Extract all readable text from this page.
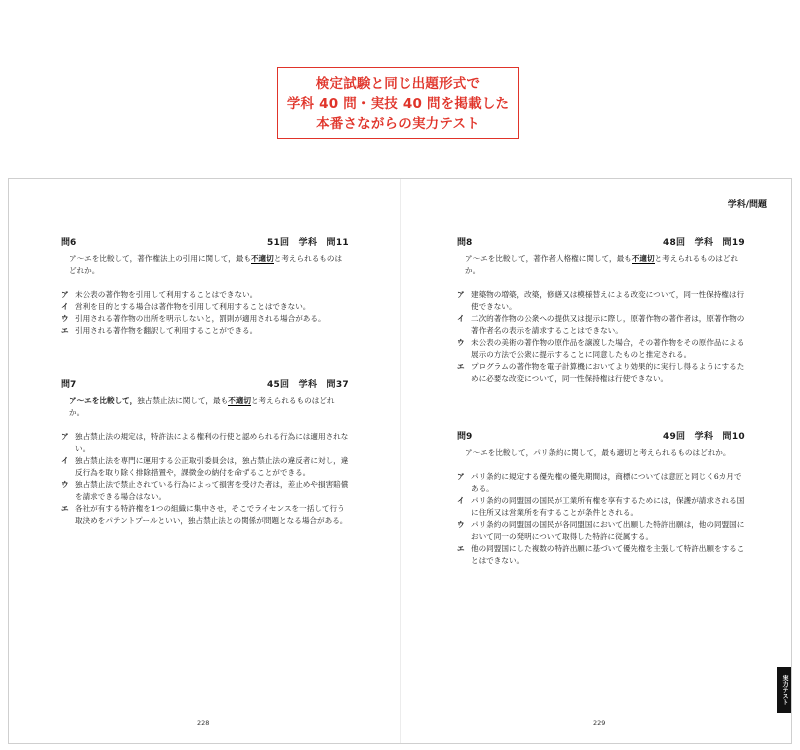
検定試験と同じ出題形式で
学科 40 問・実技 40 問を掲載した
本番さながらの実力テスト
学科/問題
問6	51回　学科　問11
ア～エを比較して，著作権法上の引用に関して，最も不適切と考えられるものはどれか。
ア 未公表の著作物を引用して利用することはできない。
イ 営利を目的とする場合は著作物を引用して利用することはできない。
ウ 引用される著作物の出所を明示しないと，罰則が適用される場合がある。
エ 引用される著作物を翻訳して利用することができる。
問7	45回　学科　問37
ア～エを比較して，独占禁止法に関して，最も不適切と考えられるものはどれか。
ア 独占禁止法の規定は，特許法による権利の行使と認められる行為には適用されない。
イ 独占禁止法を専門に運用する公正取引委員会は，独占禁止法の違反者に対し，違反行為を取り除く排除措置や，課徴金の納付を命ずることができる。
ウ 独占禁止法で禁止されている行為によって損害を受けた者は，差止めや損害賠償を請求できる場合はない。
エ 各社が有する特許権を1つの組織に集中させ，そこでライセンスを一括して行う取決めをパテントプールといい，独占禁止法との関係が問題となる場合がある。
問8	48回　学科　問19
ア～エを比較して，著作者人格権に関して，最も不適切と考えられるものはどれか。
ア 建築物の増築，改築，修繕又は模様替えによる改変について，同一性保持権は行使できない。
イ 二次的著作物の公衆への提供又は提示に際し，原著作物の著作者は，原著作物の著作者名の表示を請求することはできない。
ウ 未公表の美術の著作物の原作品を譲渡した場合，その著作物をその原作品による展示の方法で公衆に提示することに同意したものと推定される。
エ プログラムの著作物を電子計算機においてより効果的に実行し得るようにするために必要な改変について，同一性保持権は行使できない。
問9	49回　学科　問10
ア～エを比較して，パリ条約に関して，最も適切と考えられるものはどれか。
ア パリ条約に規定する優先権の優先期間は，商標については意匠と同じく6カ月である。
イ パリ条約の同盟国の国民が工業所有権を享有するためには，保護が請求される国に住所又は営業所を有することが条件とされる。
ウ パリ条約の同盟国の国民が各同盟国において出願した特許出願は，他の同盟国において同一の発明について取得した特許に従属する。
エ 他の同盟国にした複数の特許出願に基づいて優先権を主張して特許出願をすることはできない。
228	229
実力テスト
